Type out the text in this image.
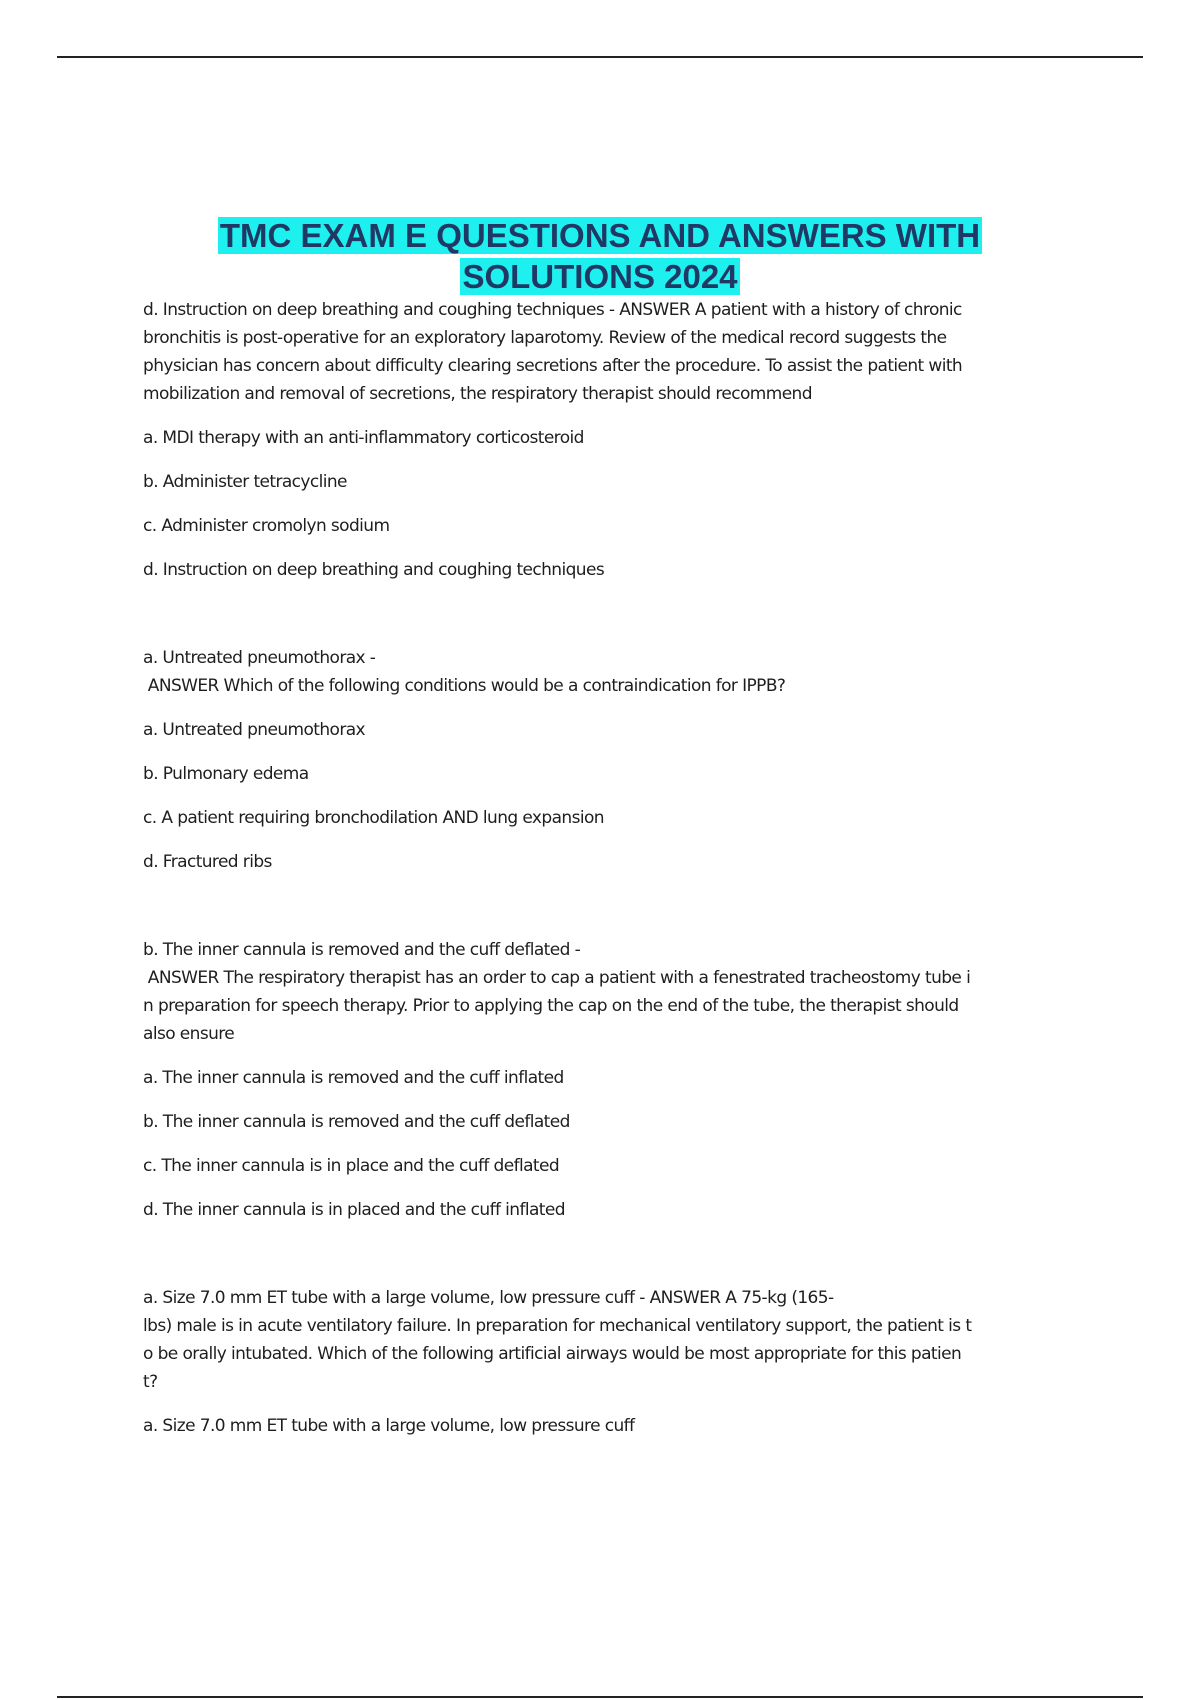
TMC EXAM E QUESTIONS AND ANSWERS WITH
SOLUTIONS 2024
d. Instruction on deep breathing and coughing techniques - ANSWER A patient with a history of chronic
bronchitis is post-operative for an exploratory laparotomy. Review of the medical record suggests the
physician has concern about difficulty clearing secretions after the procedure. To assist the patient with
mobilization and removal of secretions, the respiratory therapist should recommend

a. MDI therapy with an anti-inflammatory corticosteroid

b. Administer tetracycline

c. Administer cromolyn sodium

d. Instruction on deep breathing and coughing techniques

a. Untreated pneumothorax -
ANSWER Which of the following conditions would be a contraindication for IPPB?

a. Untreated pneumothorax

b. Pulmonary edema

c. A patient requiring bronchodilation AND lung expansion

d. Fractured ribs

b. The inner cannula is removed and the cuff deflated -
ANSWER The respiratory therapist has an order to cap a patient with a fenestrated tracheostomy tube i
n preparation for speech therapy. Prior to applying the cap on the end of the tube, the therapist should
also ensure

a. The inner cannula is removed and the cuff inflated

b. The inner cannula is removed and the cuff deflated

c. The inner cannula is in place and the cuff deflated

d. The inner cannula is in placed and the cuff inflated

a. Size 7.0 mm ET tube with a large volume, low pressure cuff - ANSWER A 75-kg (165-
lbs) male is in acute ventilatory failure. In preparation for mechanical ventilatory support, the patient is t
o be orally intubated. Which of the following artificial airways would be most appropriate for this patien
t?

a. Size 7.0 mm ET tube with a large volume, low pressure cuff
